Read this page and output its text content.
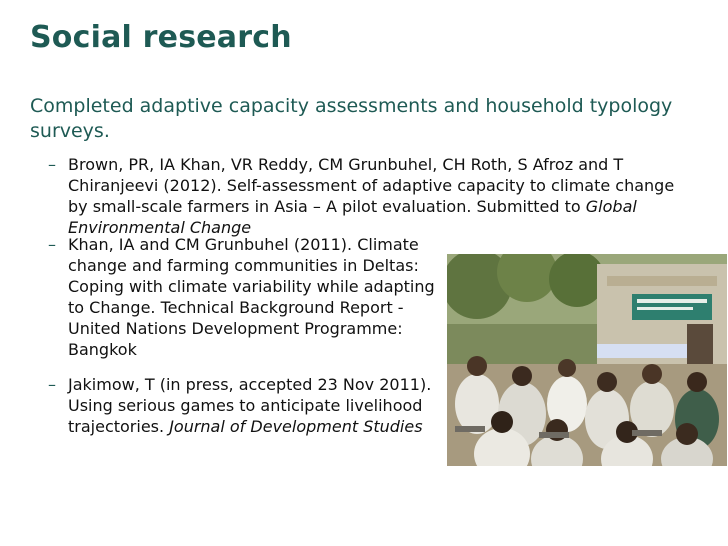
Social research
Completed adaptive capacity assessments and household typology surveys.
– Brown, PR, IA Khan, VR Reddy, CM Grunbuhel, CH Roth, S Afroz and T Chiranjeevi (2012). Self-assessment of adaptive capacity to climate change by small-scale farmers in Asia – A pilot evaluation. Submitted to Global Environmental Change
– Khan, IA and CM Grunbuhel (2011). Climate change and farming communities in Deltas: Coping with climate variability while adapting to Change. Technical Background Report - United Nations Development Programme: Bangkok
– Jakimow, T (in press, accepted 23 Nov 2011). Using serious games to anticipate livelihood trajectories. Journal of Development Studies
